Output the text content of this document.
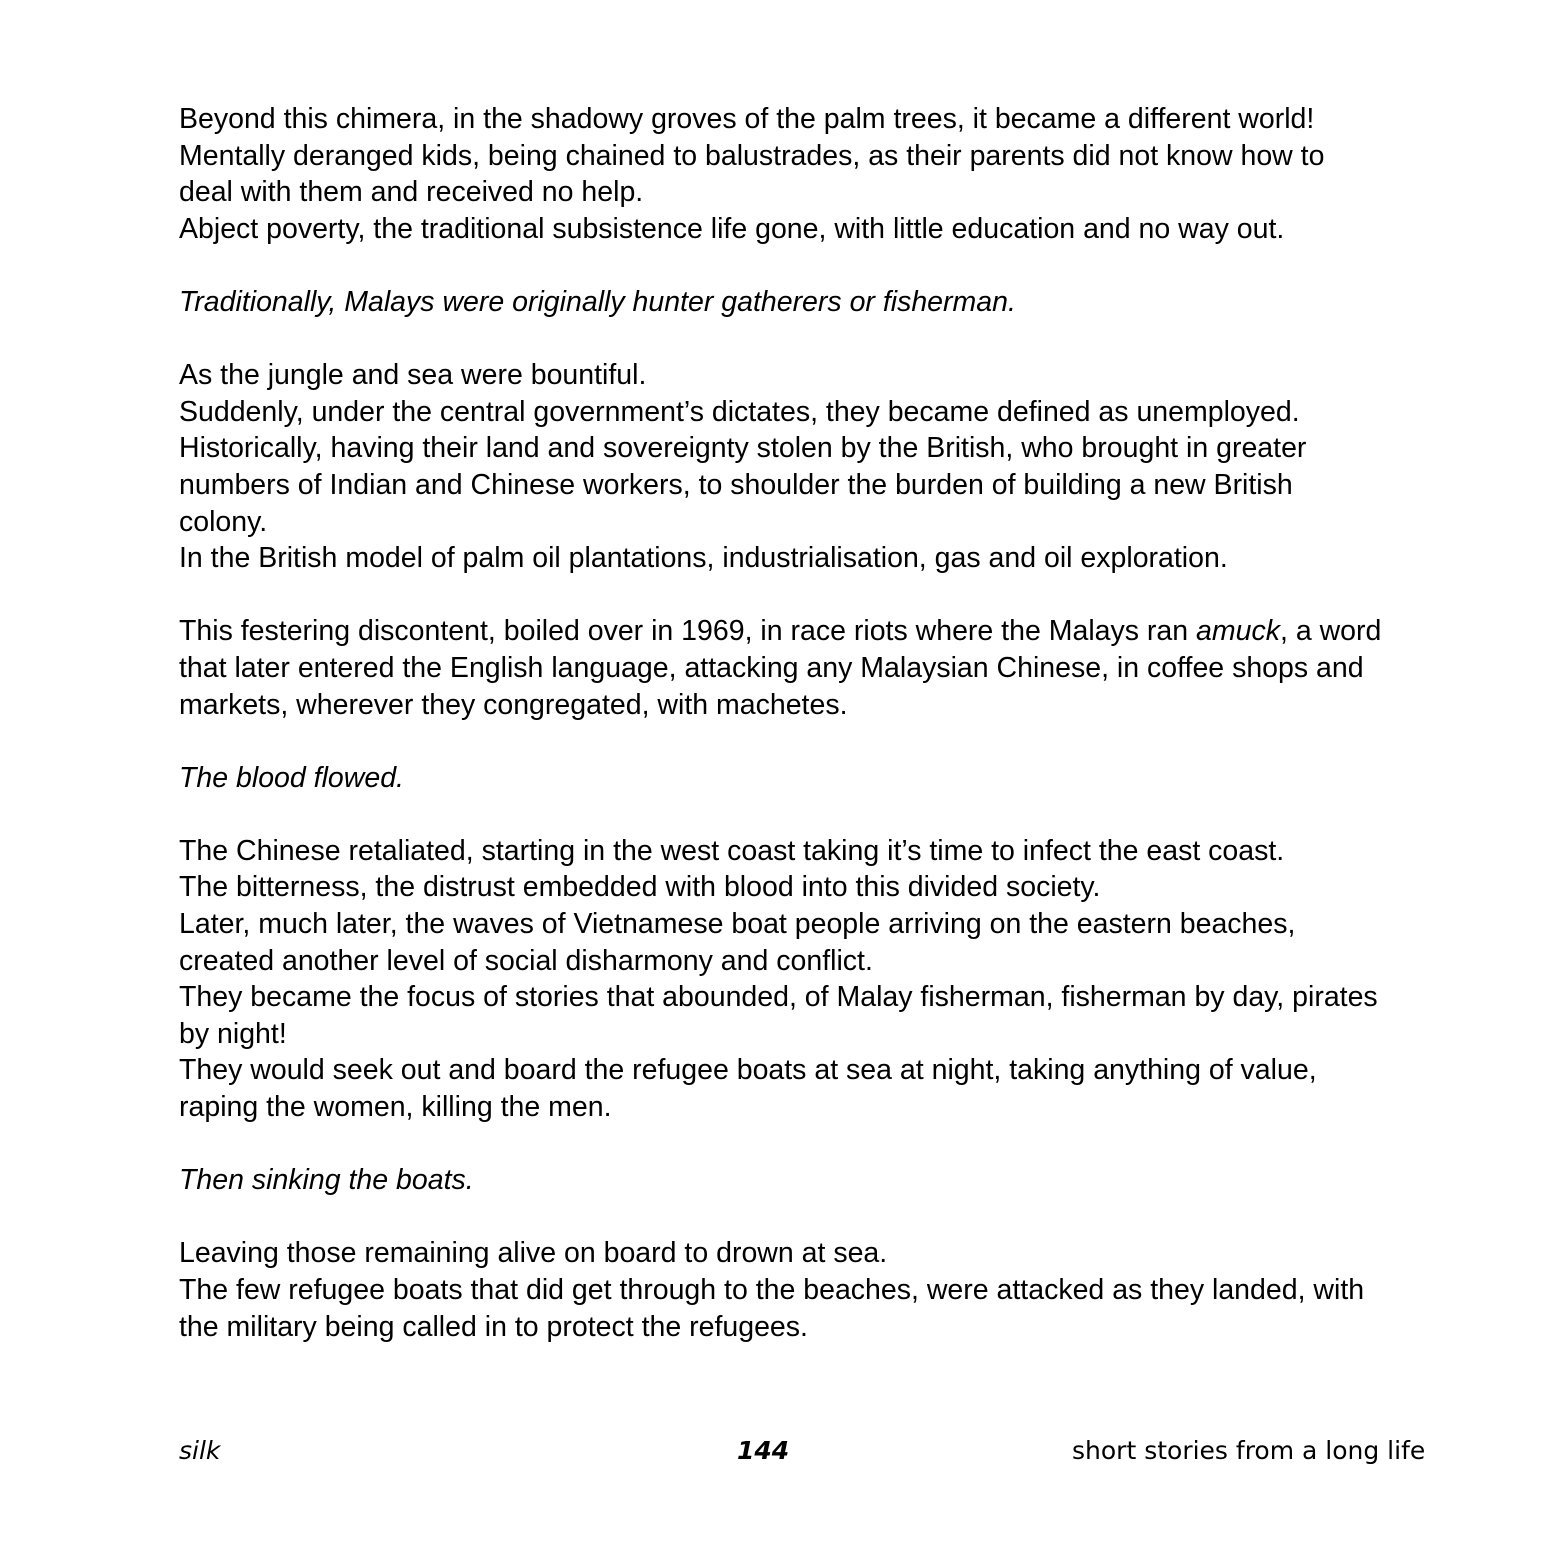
Beyond this chimera, in the shadowy groves of the palm trees, it became a different world!

Mentally deranged kids, being chained to balustrades, as their parents did not know how to deal with them and received no help.

Abject poverty, the traditional subsistence life gone, with little education and no way out.

Traditionally, Malays were originally hunter gatherers or fisherman.

As the jungle and sea were bountiful.

Suddenly, under the central government’s dictates, they became defined as unemployed.

Historically, having their land and sovereignty stolen by the British, who brought in greater numbers of Indian and Chinese workers, to shoulder the burden of building a new British colony.

In the British model of palm oil plantations, industrialisation, gas and oil exploration.

This festering discontent, boiled over in 1969, in race riots where the Malays ran amuck, a word that later entered the English language, attacking any Malaysian Chinese, in coffee shops and markets, wherever they congregated, with machetes.

The blood flowed.

The Chinese retaliated, starting in the west coast taking it’s time to infect the east coast.

The bitterness, the distrust embedded with blood into this divided society.

Later, much later, the waves of Vietnamese boat people arriving on the eastern beaches, created another level of social disharmony and conflict.

They became the focus of stories that abounded, of Malay fisherman, fisherman by day, pirates by night!

They would seek out and board the refugee boats at sea at night, taking anything of value, raping the women, killing the men.

Then sinking the boats.

Leaving those remaining alive on board to drown at sea.

The few refugee boats that did get through to the beaches, were attacked as they landed, with the military being called in to protect the refugees.

silk	144	short stories from a long life
